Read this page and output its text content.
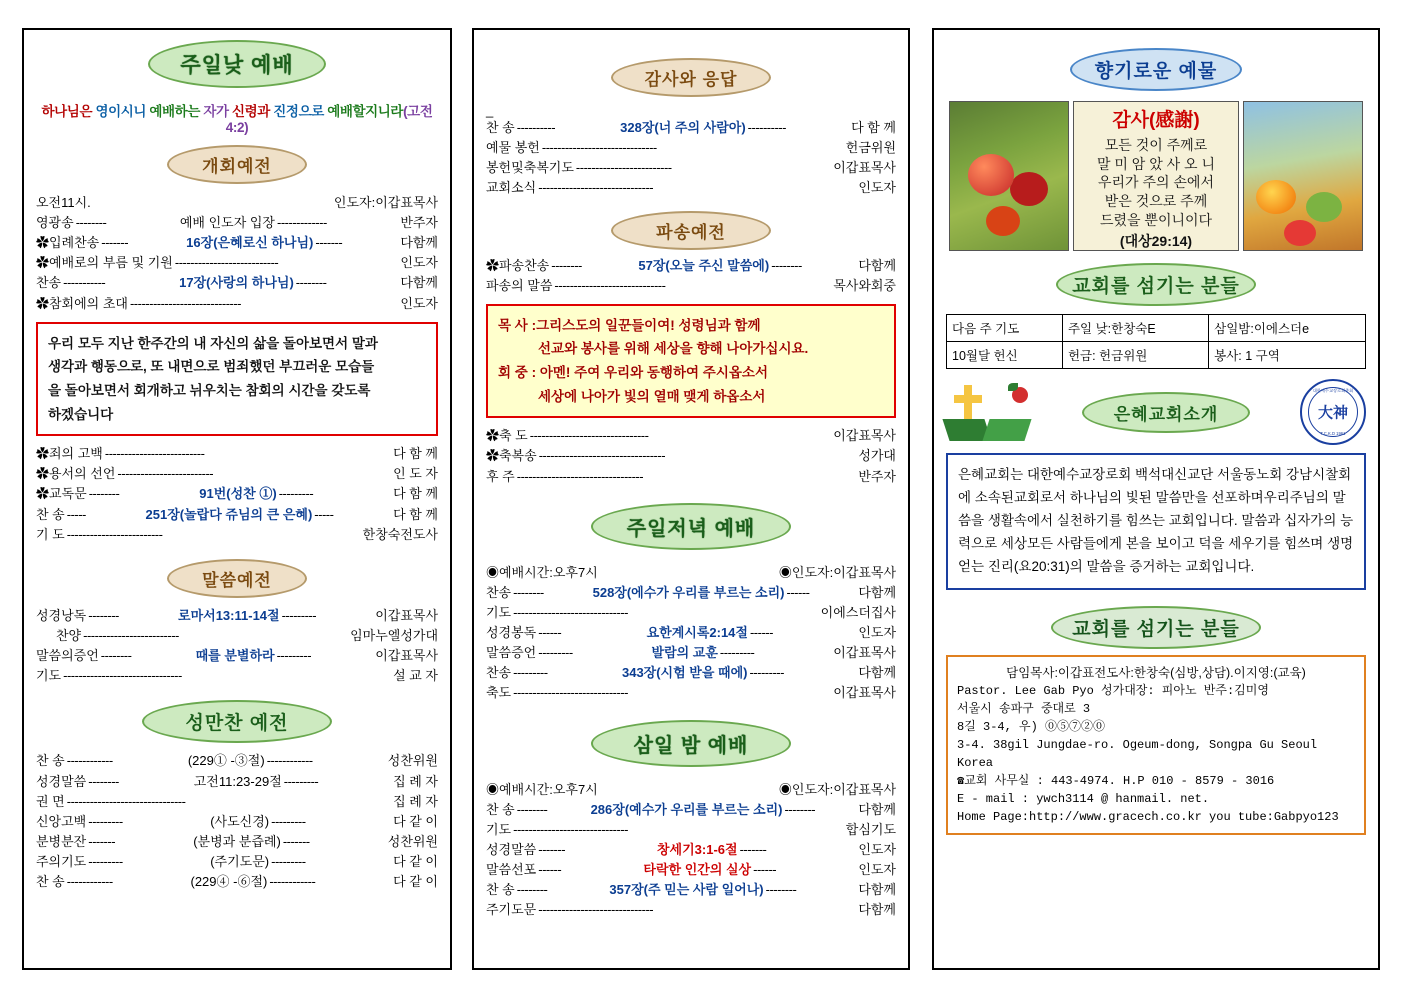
주일낮 예배
하나님은 영이시니 예배하는 자가 신령과 진정으로 예배할지니라(고전4:2)
개회예전
오전11시.	인도자:이갑표목사
영광송 --------	예배 인도자 입장 -------------	반주자
✿입례찬송 -------	16장(은혜로신 하나님) -------	다함께
✿예배로의 부름 및 기원 ---------------------------	인도자
찬송 -----------	17장(사랑의 하나님) --------	다함께
✿참회에의 초대 -----------------------------	인도자
우리 모두 지난 한주간의 내 자신의 삶을 돌아보면서 말과
생각과 행동으로, 또 내면으로 범죄했던 부끄러운 모습들
을 돌아보면서 회개하고 뉘우치는 참회의 시간을 갖도록
하겠습니다
✿죄의 고백 --------------------------	다 함 께
✿용서의 선언 -------------------------	인 도 자
✿교독문 --------	91번(성찬 ①) ---------	다 함 께
찬 송 -----	251장(놀랍다 쥬님의 큰 은혜) -----	다 함 께
기 도 -------------------------	한창숙전도사
말씀예전
성경낭독 --------	로마서13:11-14절 ---------	이갑표목사
찬양 -------------------------	임마누엘성가대
말씀의증언 --------	때를 분별하라 ---------	이갑표목사
기도 -------------------------------	설 교 자
성만찬 예전
찬 송 ------------	(229① -③절) ------------	성찬위원
성경말씀 --------	고전11:23-29절 ---------	집 례 자
권 면 -------------------------------	집 례 자
신앙고백 ---------	(사도신경) ---------	다 같 이
분병분잔 -------	(분병과 분즙례) -------	성찬위원
주의기도 ---------	(주기도문) ---------	다 같 이
찬 송 ------------	(229④ -⑥절) ------------	다 같 이
감사와 응답
_
찬 송 ----------	328장(너 주의 사람아) ----------	다 함 께
예물 봉헌 ------------------------------	헌금위원
봉헌및축복기도 -------------------------	이갑표목사
교회소식 ------------------------------	인도자
파송예전
✿파송찬송 --------	57장(오늘 주신 말씀에) --------	다함께
파송의 말씀 -----------------------------	목사와회중
목 사 :그리스도의 일꾼들이여! 성령님과 함께
선교와 봉사를 위해 세상을 향해 나아가십시요.
회 중 : 아멘! 주여 우리와 동행하여 주시옵소서
세상에 나아가 빛의 열매 맺게 하옵소서
✿축 도 -------------------------------	이갑표목사
✿축복송 ---------------------------------	성가대
후 주 ---------------------------------	반주자
주일저녁 예배
◉예배시간:오후7시	◉인도자:이갑표목사
찬송 --------	528장(에수가 우리를 부르는 소리) ------	다함께
기도 ------------------------------	이에스더집사
성경봉독 ------	요한계시록2:14절 ------	인도자
말씀증언 ---------	발람의 교훈 ---------	이갑표목사
찬송 ---------	343장(시험 받을 때에) ---------	다함께
축도 ------------------------------	이갑표목사
삼일 밤 예배
◉예배시간:오후7시	◉인도자:이갑표목사
찬 송 --------	286장(예수가 우리를 부르는 소리) --------	다함께
기도 ------------------------------	합심기도
성경말씀 -------	창세기3:1-6절 -------	인도자
말씀선포 ------	타락한 인간의 실상 ------	인도자
찬 송 --------	357장(주 믿는 사람 일어나) --------	다함께
주기도문 ------------------------------	다함께
향기로운 예물
감사(感謝)
모든 것이 주께로
말 미 암 았 사 오 니
우리가 주의 손에서
받은 것으로 주께
드렸을 뿐이니이다
(대상29:14)
교회를 섬기는 분들
다음 주 기도	주일 낮:한창숙E	삼일밤:이에스더e
10월달 헌신	헌금: 헌금위원	봉사: 1 구역
은혜교회소개
대한예수교장로회총회
大神
T.C.K.D 1961
은혜교회는 대한예수교장로회 백석대신교단 서울동노회 강남시찰회에 소속된교회로서 하나님의 빛된 말씀만을 선포하며우리주님의 말씀을 생활속에서 실천하기를 힘쓰는 교회입니다. 말씀과 십자가의 능력으로 세상모든 사람들에게 본을 보이고 덕을 세우기를 힘쓰며 생명 얻는 진리(요20:31)의 말씀을 증거하는 교회입니다.
교회를 섬기는 분들
담임목사:이갑표전도사:한창숙(심방,상담).이지영:(교육)
Pastor. Lee Gab Pyo 성가대장: 피아노 반주:김미영
서울시 송파구 중대로 3
8길 3-4, 우) ⓪⑤⑦②⓪
3-4. 38gil Jungdae-ro. Ogeum-dong, Songpa Gu Seoul Korea
☎교회 사무실 : 443-4974. H.P 010 - 8579 - 3016
E - mail : ywch3114 @ hanmail. net.
Home Page:http://www.gracech.co.kr you tube:Gabpyo123
